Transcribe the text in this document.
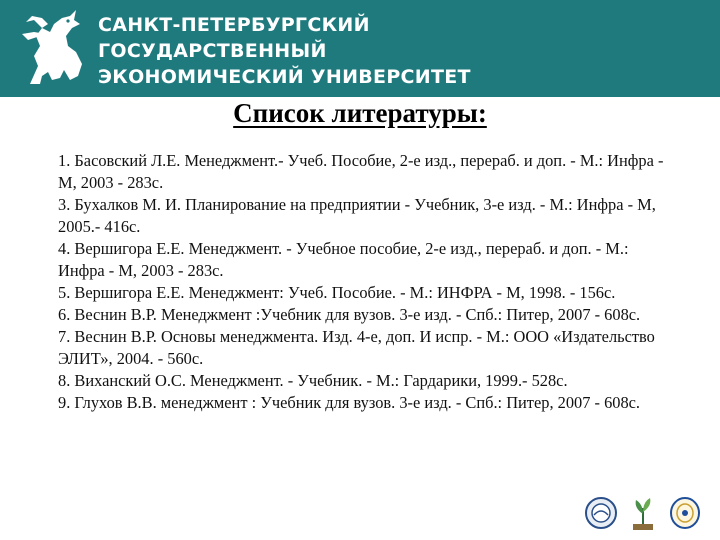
САНКТ-ПЕТЕРБУРГСКИЙ
ГОСУДАРСТВЕННЫЙ
ЭКОНОМИЧЕСКИЙ УНИВЕРСИТЕТ
Список литературы:

1. Басовский Л.Е. Менеджмент.- Учеб. Пособие, 2-е изд., перераб. и доп. - М.: Инфра - М, 2003 - 283с.

3. Бухалков М. И. Планирование на предприятии - Учебник, 3-е изд. - М.: Инфра - М, 2005.- 416с.

4. Вершигора Е.Е. Менеджмент. - Учебное пособие, 2-е изд., перераб. и доп. - М.: Инфра - М, 2003 - 283с.

5. Вершигора Е.Е. Менеджмент: Учеб. Пособие. - М.: ИНФРА - М, 1998. - 156с.

6. Веснин В.Р. Менеджмент :Учебник для вузов. 3-е изд. - Спб.: Питер, 2007 - 608с.

7. Веснин В.Р. Основы менеджмента. Изд. 4-е, доп. И испр. - М.: ООО «Издательство ЭЛИТ», 2004. - 560с.

8. Виханский О.С. Менеджмент. - Учебник. - М.: Гардарики, 1999.- 528с.

9. Глухов В.В. менеджмент : Учебник для вузов. 3-е изд. - Спб.: Питер, 2007 - 608с.
